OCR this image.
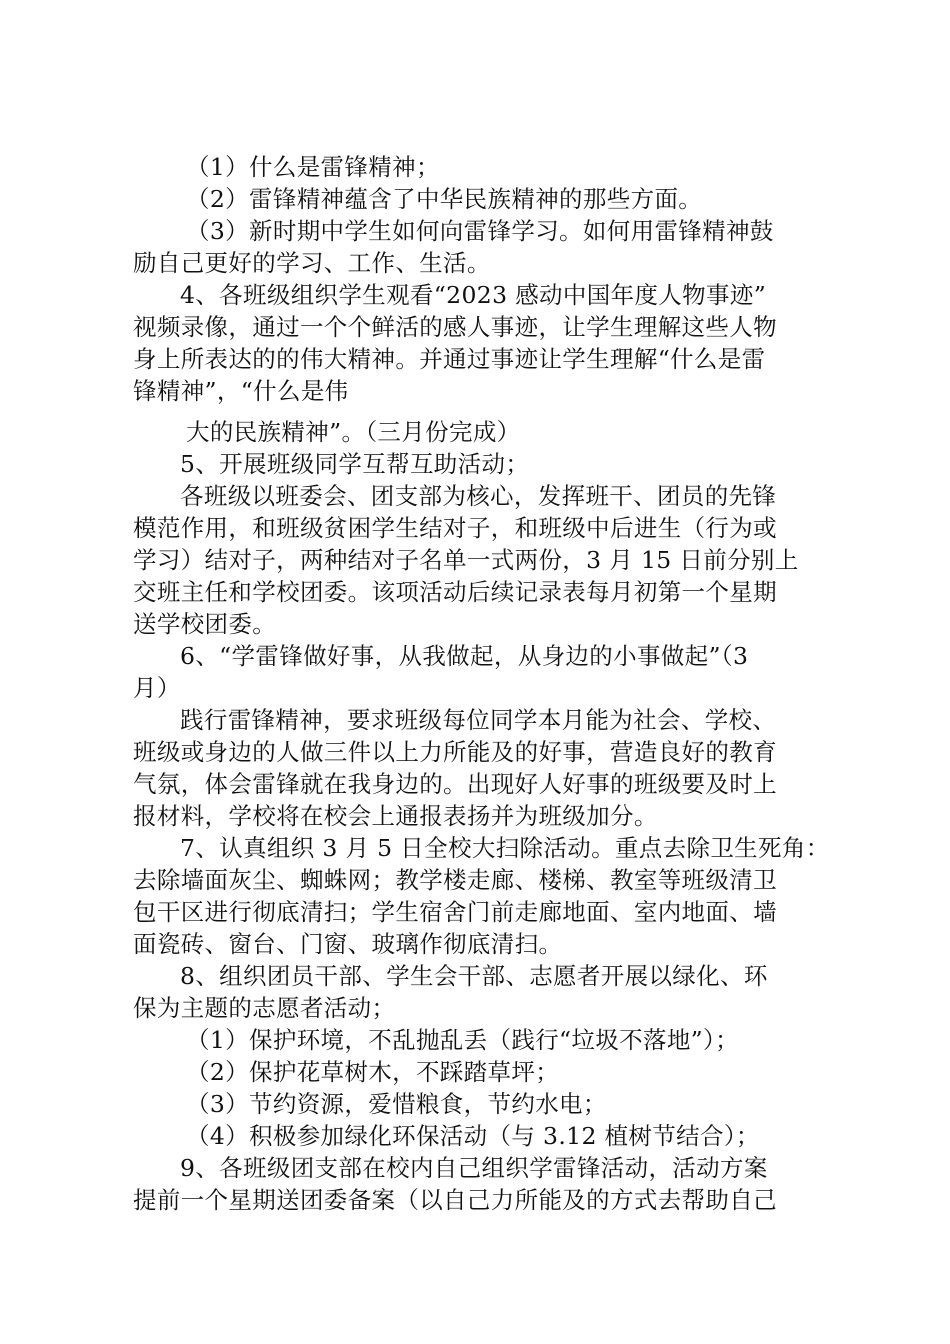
（1）什么是雷锋精神；
（2）雷锋精神蕴含了中华民族精神的那些方面。
（3）新时期中学生如何向雷锋学习。如何用雷锋精神鼓
励自己更好的学习、工作、生活。
4、各班级组织学生观看“2023 感动中国年度人物事迹”
视频录像，通过一个个鲜活的感人事迹，让学生理解这些人物
身上所表达的的伟大精神。并通过事迹让学生理解“什么是雷
锋精神”，“什么是伟
大的民族精神”。（三月份完成）
5、开展班级同学互帮互助活动；
各班级以班委会、团支部为核心，发挥班干、团员的先锋
模范作用，和班级贫困学生结对子，和班级中后进生（行为或
学习）结对子，两种结对子名单一式两份，3 月 15 日前分别上
交班主任和学校团委。该项活动后续记录表每月初第一个星期
送学校团委。
6、“学雷锋做好事，从我做起，从身边的小事做起”（3
月）
践行雷锋精神，要求班级每位同学本月能为社会、学校、
班级或身边的人做三件以上力所能及的好事，营造良好的教育
气氛，体会雷锋就在我身边的。出现好人好事的班级要及时上
报材料，学校将在校会上通报表扬并为班级加分。
7、认真组织 3 月 5 日全校大扫除活动。重点去除卫生死角：
去除墙面灰尘、蜘蛛网；教学楼走廊、楼梯、教室等班级清卫
包干区进行彻底清扫；学生宿舍门前走廊地面、室内地面、墙
面瓷砖、窗台、门窗、玻璃作彻底清扫。
8、组织团员干部、学生会干部、志愿者开展以绿化、环
保为主题的志愿者活动；
（1）保护环境，不乱抛乱丢（践行“垃圾不落地”）；
（2）保护花草树木，不踩踏草坪；
（3）节约资源，爱惜粮食，节约水电；
（4）积极参加绿化环保活动（与 3.12 植树节结合）；
9、各班级团支部在校内自己组织学雷锋活动，活动方案
提前一个星期送团委备案（以自己力所能及的方式去帮助自己
